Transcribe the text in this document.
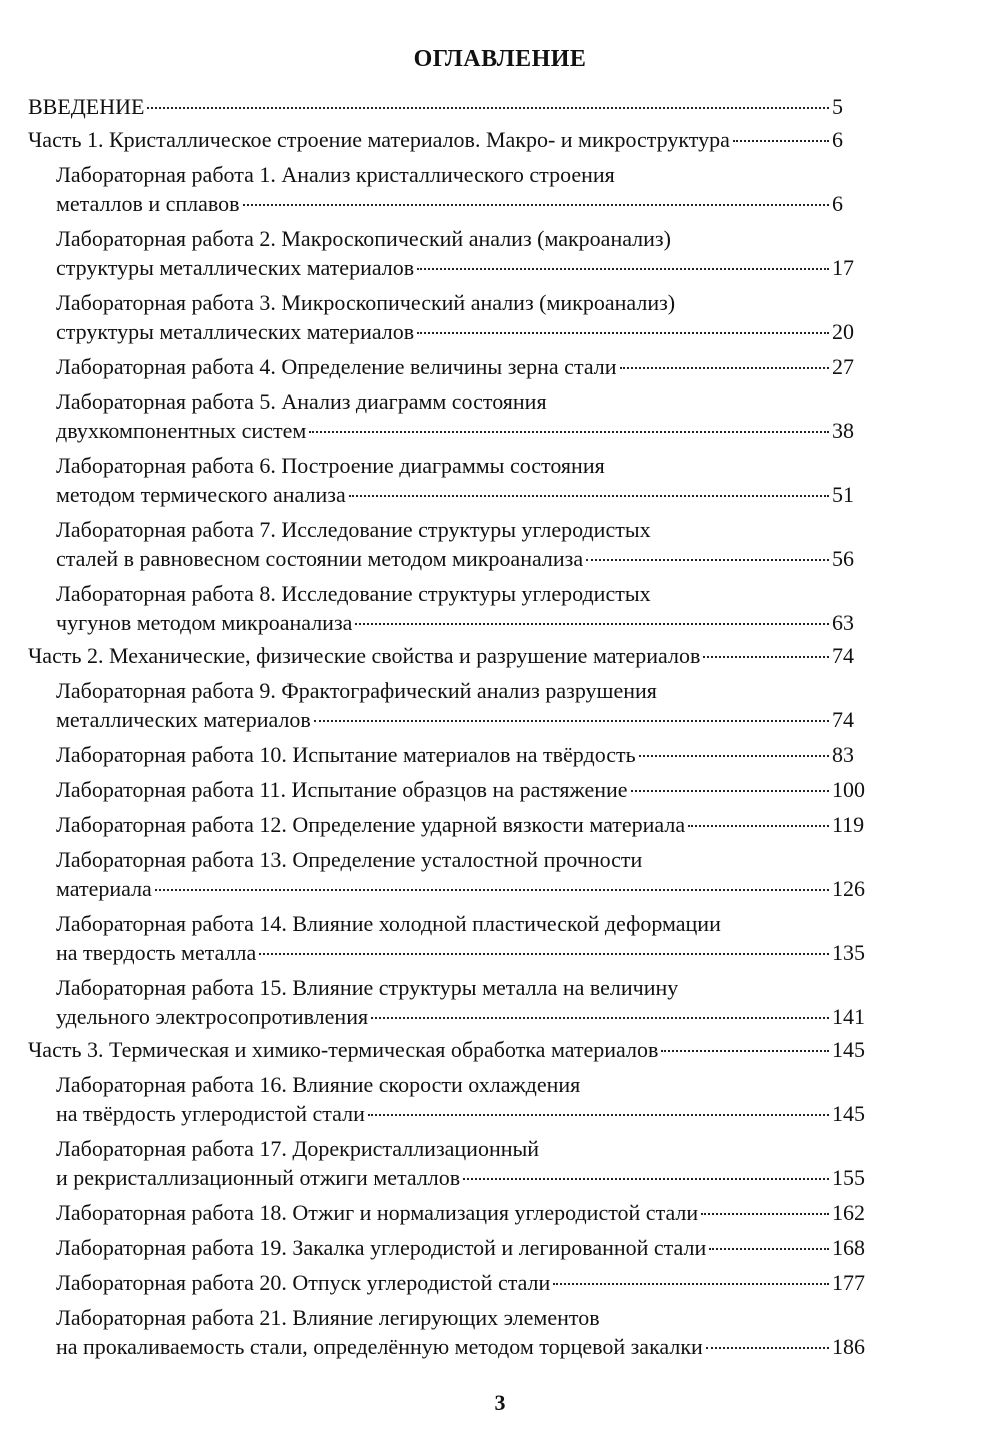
ОГЛАВЛЕНИЕ
ВВЕДЕНИЕ	5
Часть 1. Кристаллическое строение материалов. Макро- и микроструктура	6
Лабораторная работа 1. Анализ кристаллического строения
металлов и сплавов	6
Лабораторная работа 2. Макроскопический анализ (макроанализ)
структуры металлических материалов	17
Лабораторная работа 3. Микроскопический анализ (микроанализ)
структуры металлических материалов	20
Лабораторная работа 4. Определение величины зерна стали	27
Лабораторная работа 5. Анализ диаграмм состояния
двухкомпонентных систем	38
Лабораторная работа 6. Построение диаграммы состояния
методом термического анализа	51
Лабораторная работа 7. Исследование структуры углеродистых
сталей в равновесном состоянии методом микроанализа	56
Лабораторная работа 8. Исследование структуры углеродистых
чугунов методом микроанализа	63
Часть 2. Механические, физические свойства и разрушение материалов	74
Лабораторная работа 9. Фрактографический анализ разрушения
металлических материалов	74
Лабораторная работа 10. Испытание материалов на твёрдость	83
Лабораторная работа 11. Испытание образцов на растяжение	100
Лабораторная работа 12. Определение ударной вязкости материала	119
Лабораторная работа 13. Определение усталостной прочности
материала	126
Лабораторная работа 14. Влияние холодной пластической деформации
на твердость металла	135
Лабораторная работа 15. Влияние структуры металла на величину
удельного электросопротивления	141
Часть 3. Термическая и химико-термическая обработка материалов	145
Лабораторная работа 16. Влияние скорости охлаждения
на твёрдость углеродистой стали	145
Лабораторная работа 17. Дорекристаллизационный
и рекристаллизационный отжиги металлов	155
Лабораторная работа 18. Отжиг и нормализация углеродистой стали	162
Лабораторная работа 19. Закалка углеродистой и легированной стали	168
Лабораторная работа 20. Отпуск углеродистой стали	177
Лабораторная работа 21. Влияние легирующих элементов
на прокаливаемость стали, определённую методом торцевой закалки	186
3
